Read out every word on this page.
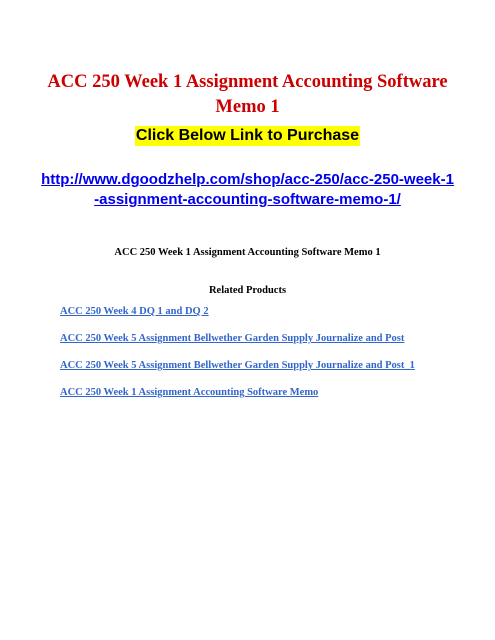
ACC 250 Week 1 Assignment Accounting Software Memo 1
Click Below Link to Purchase
http://www.dgoodzhelp.com/shop/acc-250/acc-250-week-1-assignment-accounting-software-memo-1/

ACC 250 Week 1 Assignment Accounting Software Memo 1

Related Products

ACC 250 Week 4 DQ 1 and DQ 2
ACC 250 Week 5 Assignment Bellwether Garden Supply Journalize and Post
ACC 250 Week 5 Assignment Bellwether Garden Supply Journalize and Post_1
ACC 250 Week 1 Assignment Accounting Software Memo
